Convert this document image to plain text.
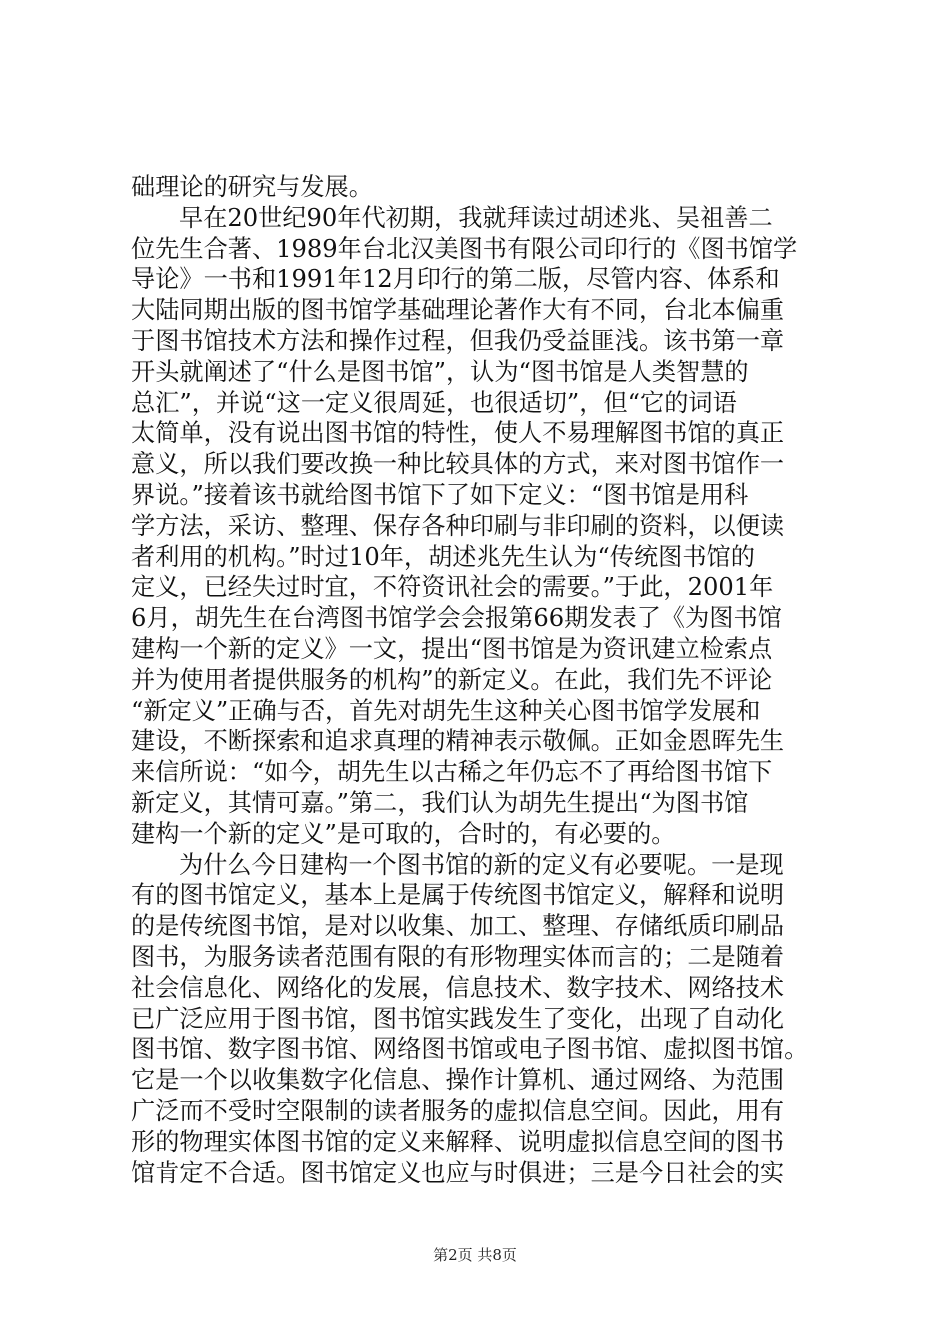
础理论的研究与发展。
早在20世纪90年代初期，我就拜读过胡述兆、吴祖善二
位先生合著、1989年台北汉美图书有限公司印行的《图书馆学
导论》一书和1991年12月印行的第二版，尽管内容、体系和
大陆同期出版的图书馆学基础理论著作大有不同，台北本偏重
于图书馆技术方法和操作过程，但我仍受益匪浅。该书第一章
开头就阐述了“什么是图书馆”，认为“图书馆是人类智慧的
总汇”，并说“这一定义很周延，也很适切”，但“它的词语
太简单，没有说出图书馆的特性，使人不易理解图书馆的真正
意义，所以我们要改换一种比较具体的方式，来对图书馆作一
界说。”接着该书就给图书馆下了如下定义：“图书馆是用科
学方法，采访、整理、保存各种印刷与非印刷的资料，以便读
者利用的机构。”时过10年，胡述兆先生认为“传统图书馆的
定义，已经失过时宜，不符资讯社会的需要。”于此，2001年
6月，胡先生在台湾图书馆学会会报第66期发表了《为图书馆
建构一个新的定义》一文，提出“图书馆是为资讯建立检索点
并为使用者提供服务的机构”的新定义。在此，我们先不评论
“新定义”正确与否，首先对胡先生这种关心图书馆学发展和
建设，不断探索和追求真理的精神表示敬佩。正如金恩晖先生
来信所说：“如今，胡先生以古稀之年仍忘不了再给图书馆下
新定义，其情可嘉。”第二，我们认为胡先生提出“为图书馆
建构一个新的定义”是可取的，合时的，有必要的。
为什么今日建构一个图书馆的新的定义有必要呢。一是现
有的图书馆定义，基本上是属于传统图书馆定义，解释和说明
的是传统图书馆，是对以收集、加工、整理、存储纸质印刷品
图书，为服务读者范围有限的有形物理实体而言的；二是随着
社会信息化、网络化的发展，信息技术、数字技术、网络技术
已广泛应用于图书馆，图书馆实践发生了变化，出现了自动化
图书馆、数字图书馆、网络图书馆或电子图书馆、虚拟图书馆。
它是一个以收集数字化信息、操作计算机、通过网络、为范围
广泛而不受时空限制的读者服务的虚拟信息空间。因此，用有
形的物理实体图书馆的定义来解释、说明虚拟信息空间的图书
馆肯定不合适。图书馆定义也应与时俱进；三是今日社会的实
第2页 共8页
